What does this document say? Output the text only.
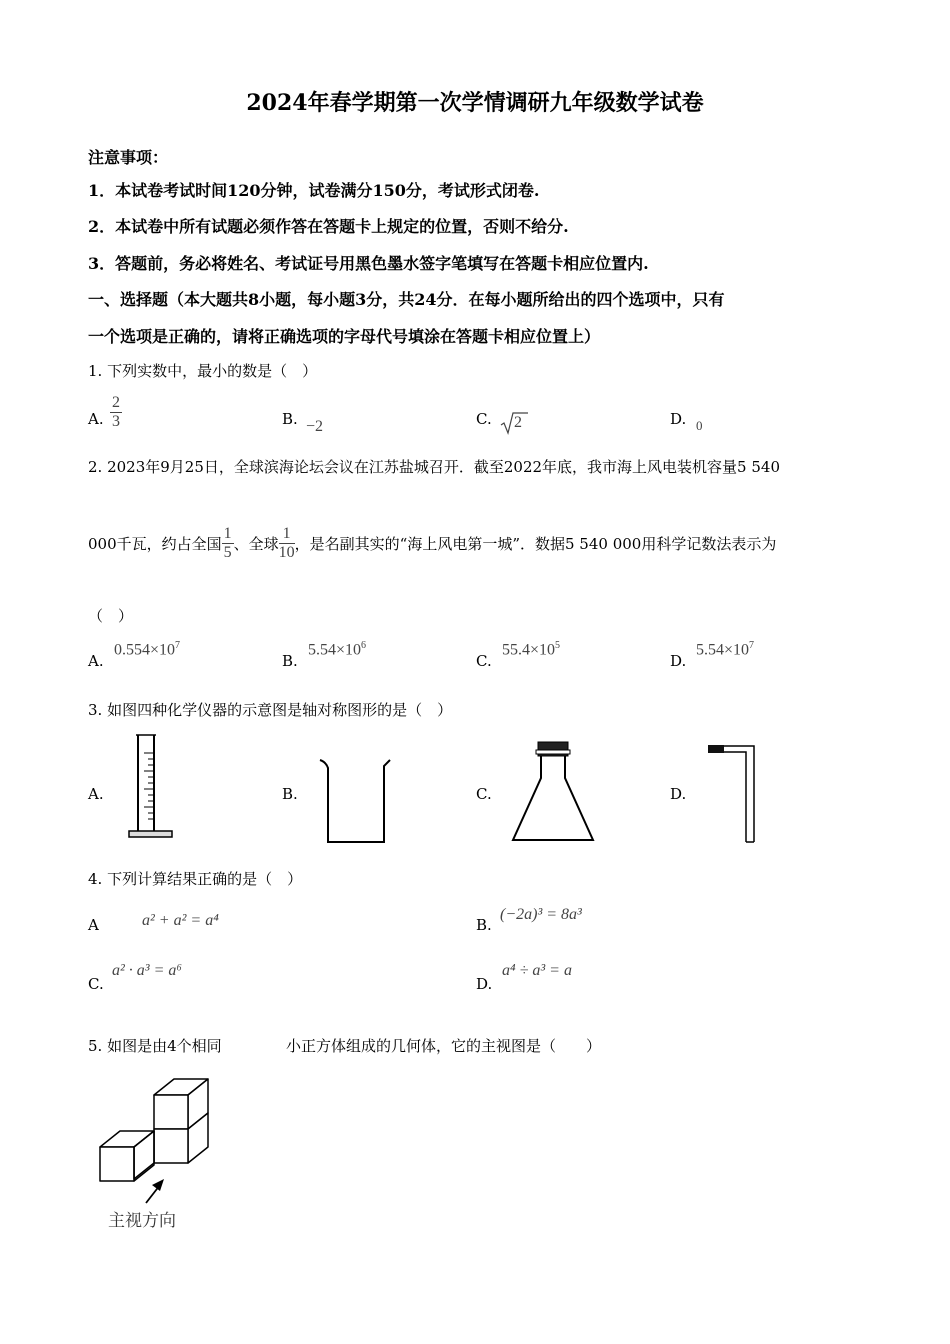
2024年春学期第一次学情调研九年级数学试卷
注意事项：
1．本试卷考试时间120分钟，试卷满分150分，考试形式闭卷.
2．本试卷中所有试题必须作答在答题卡上规定的位置，否则不给分.
3．答题前，务必将姓名、考试证号用黑色墨水签字笔填写在答题卡相应位置内.
一、选择题（本大题共8小题，每小题3分，共24分．在每小题所给出的四个选项中，只有
一个选项是正确的，请将正确选项的字母代号填涂在答题卡相应位置上）
1. 下列实数中，最小的数是（　）
A. $\frac{2}{3}$	B. −2	C. 2	D. 0
2. 2023年9月25日，全球滨海论坛会议在江苏盐城召开．截至2022年底，我市海上风电装机容量5 540
000千瓦，约占全国 $\frac{1}{5}$ 、全球 $\frac{1}{10}$ ，是名副其实的“海上风电第一城”．数据5 540 000用科学记数法表示为
（　）
A.
$0.554\times 10^7$
B.
$5.54\times 10^6$
C.
$55.4\times 10^5$
D.
$5.54\times 10^7$
3. 如图四种化学仪器的示意图是轴对称图形的是（　）
A.	B.	C.	D.
4. 下列计算结果正确的是（　）
A	a² + a² = a⁴	B.
(−2a)³ = 8a³
C.
a² · a³ = a⁶
D.
a⁴ ÷ a³ = a
5. 如图是由4个相同	小正方体组成的几何体，它的主视图是（　　）
主视方向
